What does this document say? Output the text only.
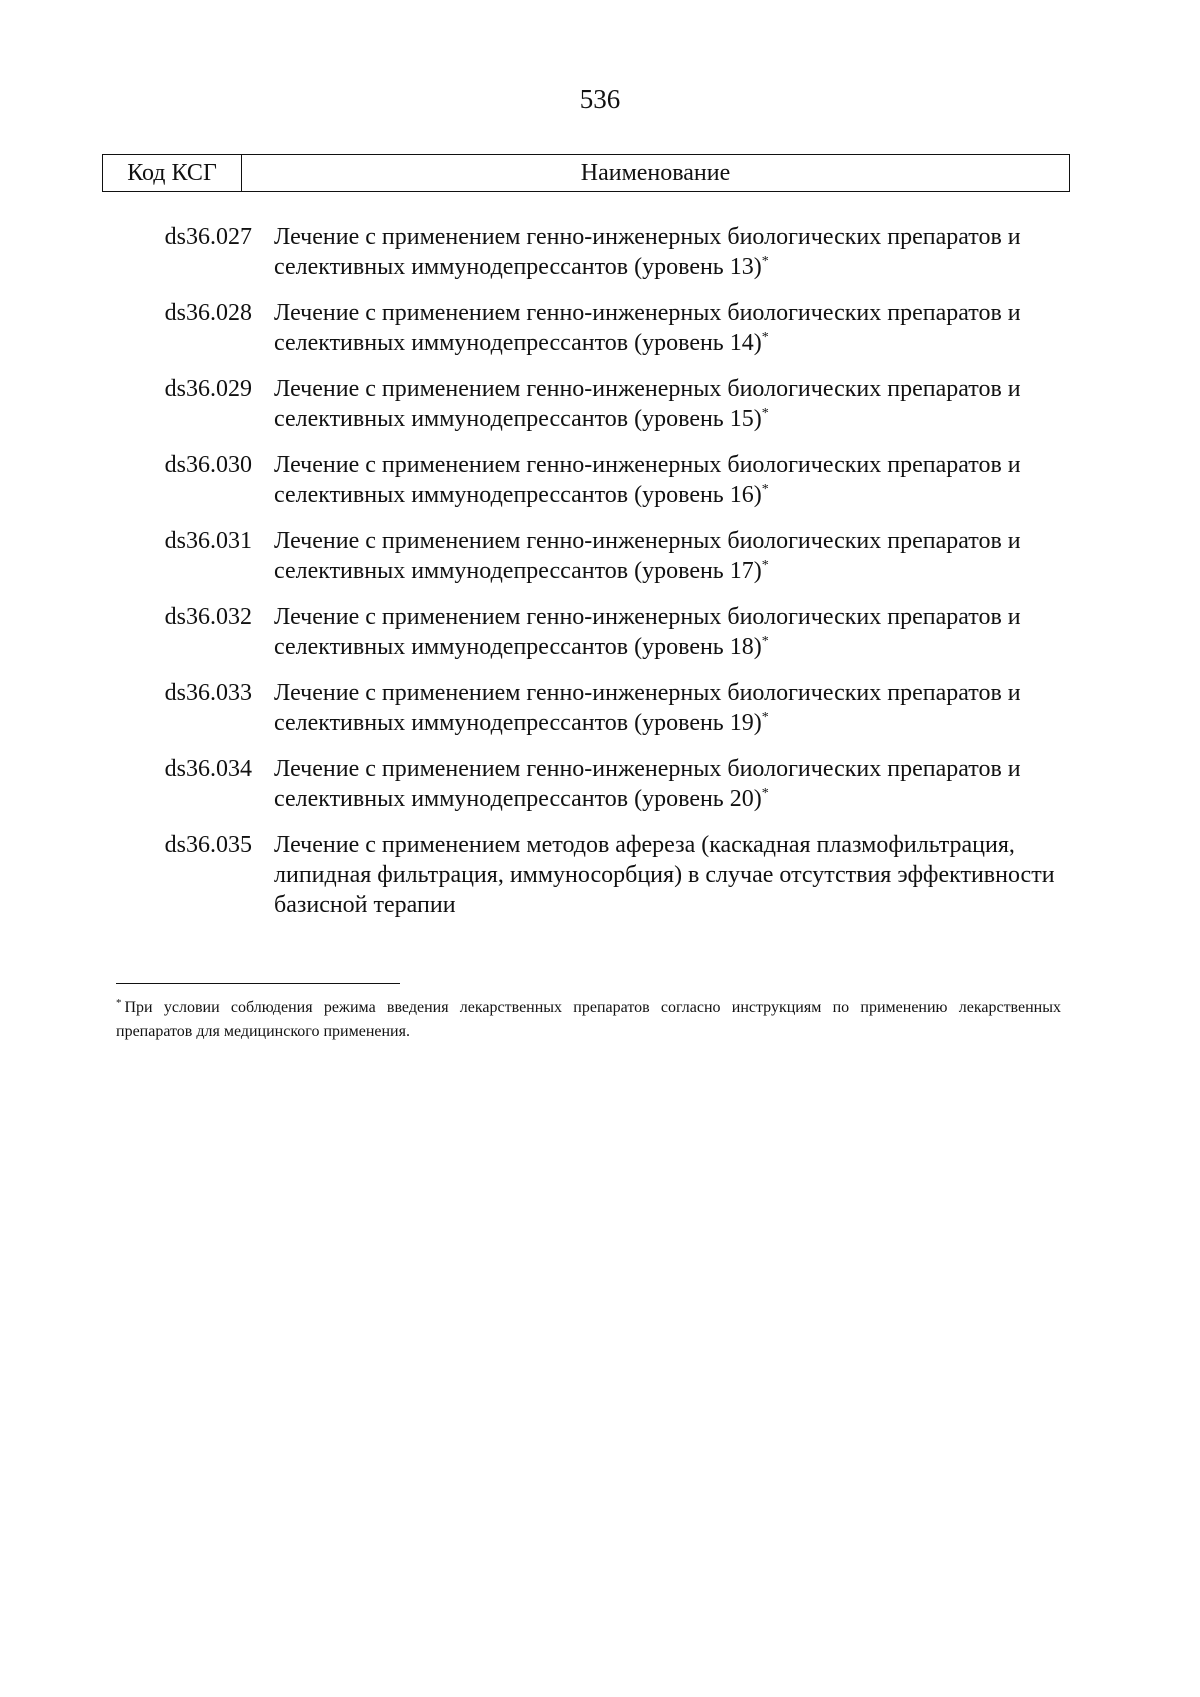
536
Код КСГ	Наименование
ds36.027 Лечение с применением генно-инженерных биологических препаратов и селективных иммунодепрессантов (уровень 13)*
ds36.028 Лечение с применением генно-инженерных биологических препаратов и селективных иммунодепрессантов (уровень 14)*
ds36.029 Лечение с применением генно-инженерных биологических препаратов и селективных иммунодепрессантов (уровень 15)*
ds36.030 Лечение с применением генно-инженерных биологических препаратов и селективных иммунодепрессантов (уровень 16)*
ds36.031 Лечение с применением генно-инженерных биологических препаратов и селективных иммунодепрессантов (уровень 17)*
ds36.032 Лечение с применением генно-инженерных биологических препаратов и селективных иммунодепрессантов (уровень 18)*
ds36.033 Лечение с применением генно-инженерных биологических препаратов и селективных иммунодепрессантов (уровень 19)*
ds36.034 Лечение с применением генно-инженерных биологических препаратов и селективных иммунодепрессантов (уровень 20)*
ds36.035 Лечение с применением методов афереза (каскадная плазмофильтрация, липидная фильтрация, иммуносорбция) в случае отсутствия эффективности базисной терапии
* При условии соблюдения режима введения лекарственных препаратов согласно инструкциям по применению лекарственных препаратов для медицинского применения.
